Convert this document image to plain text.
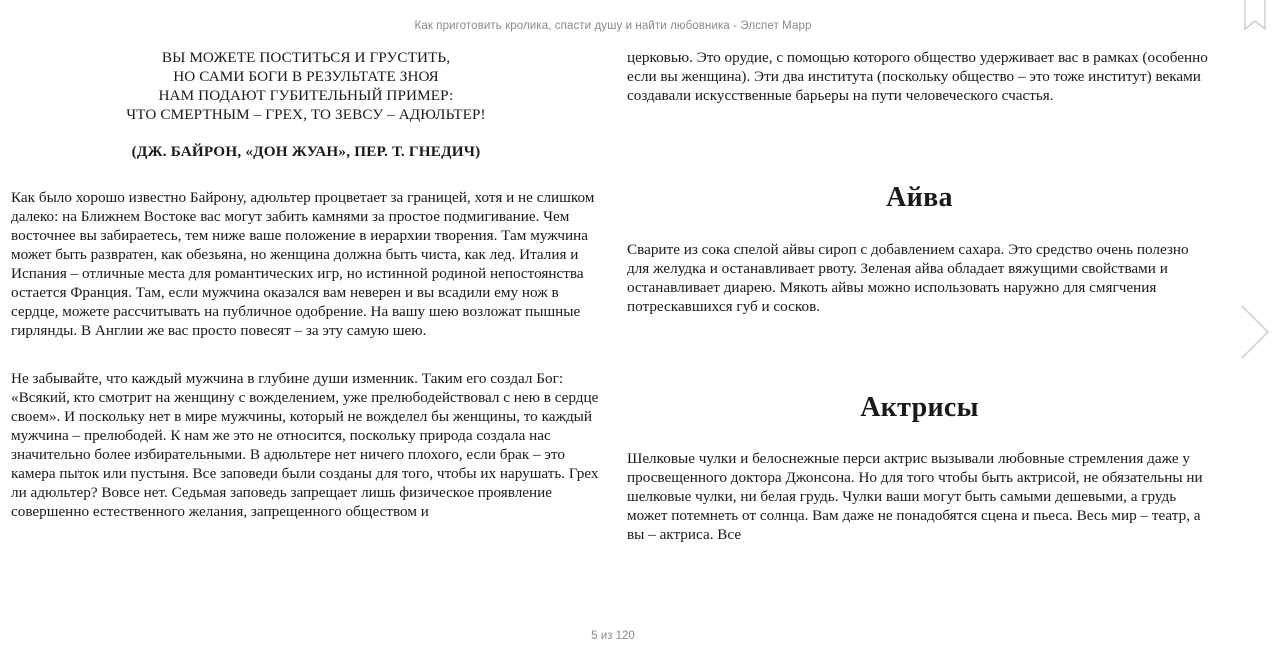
Как приготовить кролика, спасти душу и найти любовника - Элспет Марр
ВЫ МОЖЕТЕ ПОСТИТЬСЯ И ГРУСТИТЬ,
НО САМИ БОГИ В РЕЗУЛЬТАТЕ ЗНОЯ
НАМ ПОДАЮТ ГУБИТЕЛЬНЫЙ ПРИМЕР:
ЧТО СМЕРТНЫМ – ГРЕХ, ТО ЗЕВСУ – АДЮЛЬТЕР!
(ДЖ. БАЙРОН, «ДОН ЖУАН», ПЕР. Т. ГНЕДИЧ)

Как было хорошо известно Байрону, адюльтер процветает за границей, хотя и не слишком далеко: на Ближнем Востоке вас могут забить камнями за простое подмигивание. Чем восточнее вы забираетесь, тем ниже ваше положение в иерархии творения. Там мужчина может быть развратен, как обезьяна, но женщина должна быть чиста, как лед. Италия и Испания – отличные места для романтических игр, но истинной родиной непостоянства остается Франция. Там, если мужчина оказался вам неверен и вы всадили ему нож в сердце, можете рассчитывать на публичное одобрение. На вашу шею возложат пышные гирлянды. В Англии же вас просто повесят – за эту самую шею.

Не забывайте, что каждый мужчина в глубине души изменник. Таким его создал Бог: «Всякий, кто смотрит на женщину с вожделением, уже прелюбодействовал с нею в сердце своем». И поскольку нет в мире мужчины, который не вожделел бы женщины, то каждый мужчина – прелюбодей. К нам же это не относится, поскольку природа создала нас значительно более избирательными. В адюльтере нет ничего плохого, если брак – это камера пыток или пустыня. Все заповеди были созданы для того, чтобы их нарушать. Грех ли адюльтер? Вовсе нет. Седьмая заповедь запрещает лишь физическое проявление совершенно естественного желания, запрещенного обществом и

церковью. Это орудие, с помощью которого общество удерживает вас в рамках (особенно если вы женщина). Эти два института (поскольку общество – это тоже институт) веками создавали искусственные барьеры на пути человеческого счастья.

Айва

Сварите из сока спелой айвы сироп с добавлением сахара. Это средство очень полезно для желудка и останавливает рвоту. Зеленая айва обладает вяжущими свойствами и останавливает диарею. Мякоть айвы можно использовать наружно для смягчения потрескавшихся губ и сосков.

Актрисы

Шелковые чулки и белоснежные перси актрис вызывали любовные стремления даже у просвещенного доктора Джонсона. Но для того чтобы быть актрисой, не обязательны ни шелковые чулки, ни белая грудь. Чулки ваши могут быть самыми дешевыми, а грудь может потемнеть от солнца. Вам даже не понадобятся сцена и пьеса. Весь мир – театр, а вы – актриса. Все

5 из 120
